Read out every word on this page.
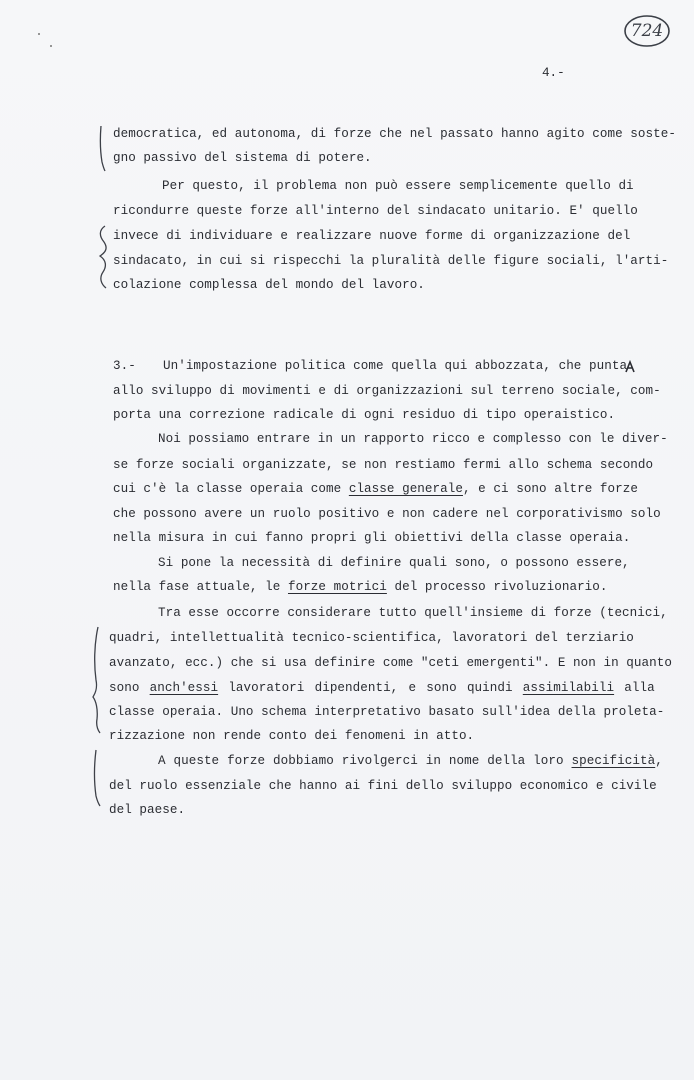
724
4.-
democratica, ed autonoma, di forze che nel passato hanno agito come soste-
gno passivo del sistema di potere.
Per questo, il problema non può essere semplicemente quello di
ricondurre queste forze all'interno del sindacato unitario. E' quello
invece di individuare e realizzare nuove forme di organizzazione del
sindacato, in cui si rispecchi la pluralità delle figure sociali, l'arti-
colazione complessa del mondo del lavoro.
3.- Un'impostazione politica come quella qui abbozzata, che punta
allo sviluppo di movimenti e di organizzazioni sul terreno sociale, com-
porta una correzione radicale di ogni residuo di tipo operaistico.
Noi possiamo entrare in un rapporto ricco e complesso con le diver-
se forze sociali organizzate, se non restiamo fermi allo schema secondo
cui c'è la classe operaia come classe generale , e ci sono altre forze
che possono avere un ruolo positivo e non cadere nel corporativismo solo
nella misura in cui fanno propri gli obiettivi della classe operaia.
Si pone la necessità di definire quali sono, o possono essere,
nella fase attuale, le forze motrici del processo rivoluzionario.
Tra esse occorre considerare tutto quell'insieme di forze (tecnici,
quadri, intellettualità tecnico-scientifica, lavoratori del terziario
avanzato, ecc.) che si usa definire come "ceti emergenti". E non in quanto
sono anch'essi lavoratori dipendenti, e sono quindi assimilabili alla
classe operaia. Uno schema interpretativo basato sull'idea della proleta-
rizzazione non rende conto dei fenomeni in atto.
A queste forze dobbiamo rivolgerci in nome della loro specificità,
del ruolo essenziale che hanno ai fini dello sviluppo economico e civile
del paese.
